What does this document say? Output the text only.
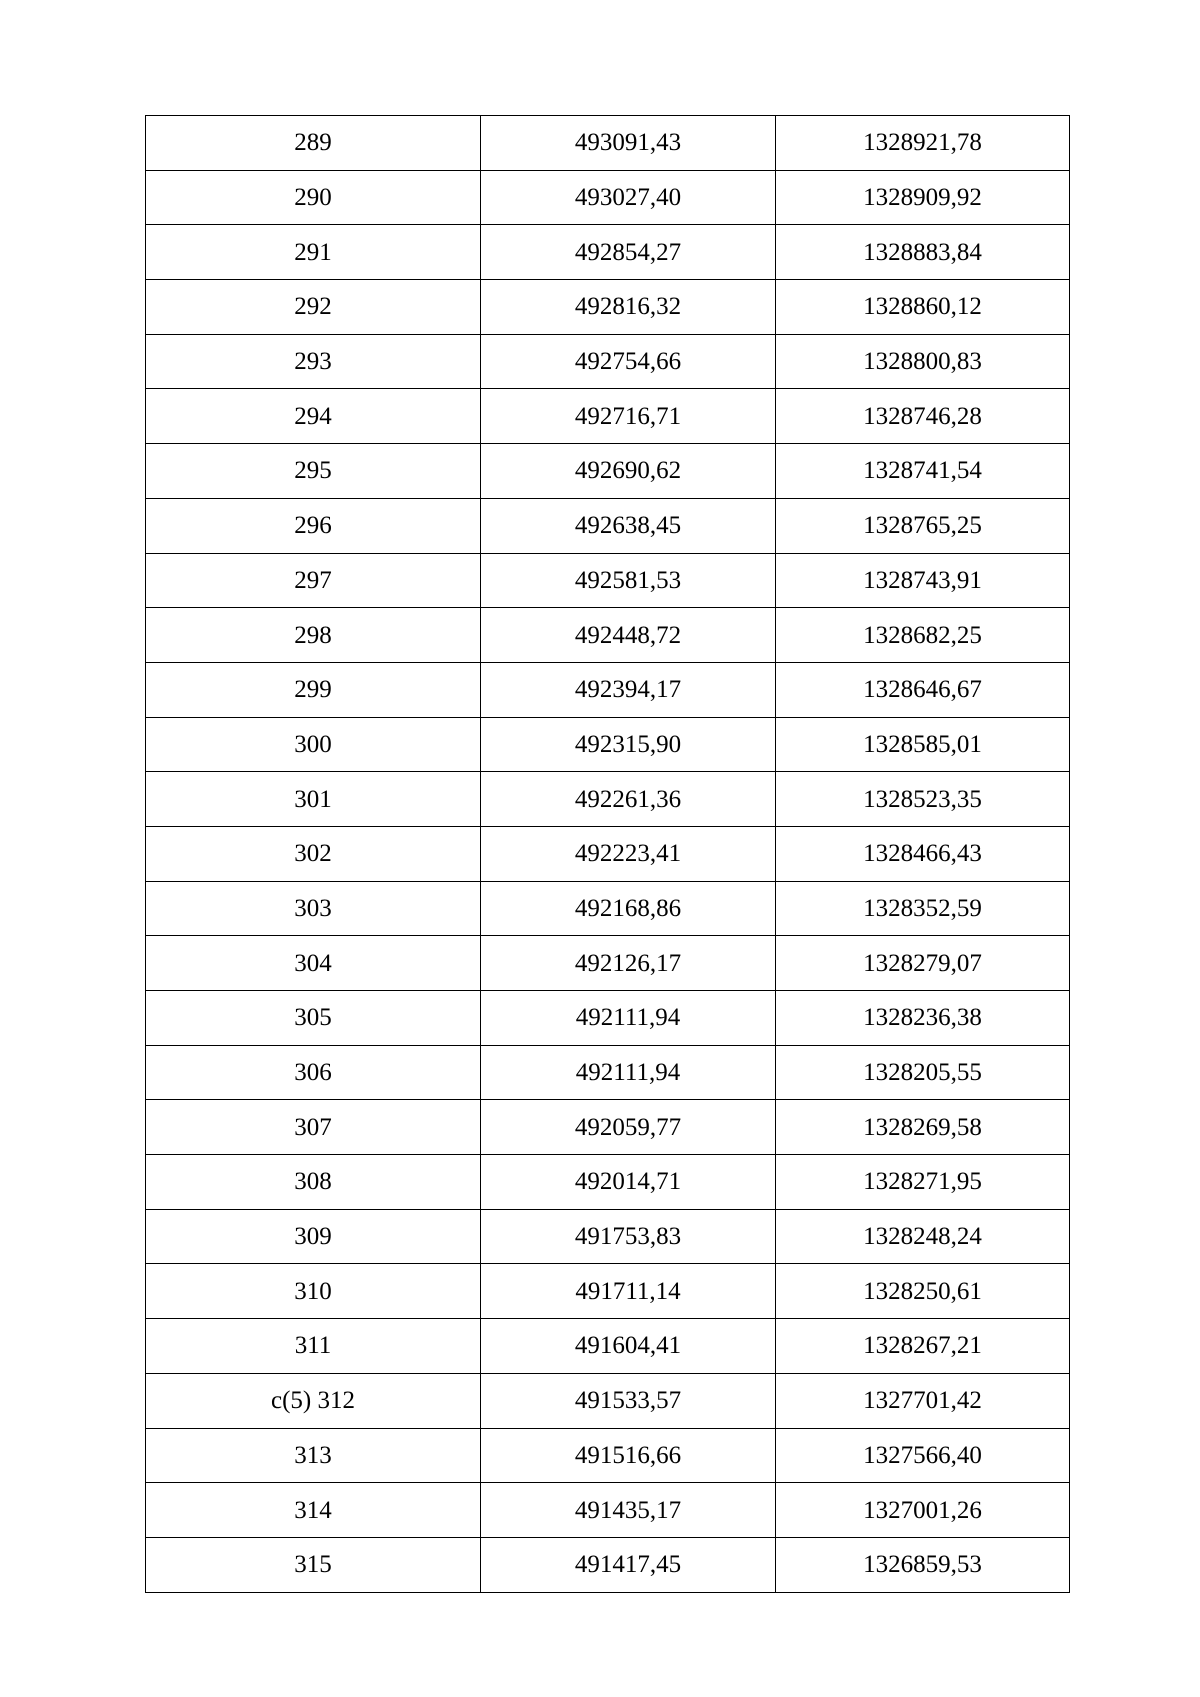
289	493091,43	1328921,78
290	493027,40	1328909,92
291	492854,27	1328883,84
292	492816,32	1328860,12
293	492754,66	1328800,83
294	492716,71	1328746,28
295	492690,62	1328741,54
296	492638,45	1328765,25
297	492581,53	1328743,91
298	492448,72	1328682,25
299	492394,17	1328646,67
300	492315,90	1328585,01
301	492261,36	1328523,35
302	492223,41	1328466,43
303	492168,86	1328352,59
304	492126,17	1328279,07
305	492111,94	1328236,38
306	492111,94	1328205,55
307	492059,77	1328269,58
308	492014,71	1328271,95
309	491753,83	1328248,24
310	491711,14	1328250,61
311	491604,41	1328267,21
c(5) 312	491533,57	1327701,42
313	491516,66	1327566,40
314	491435,17	1327001,26
315	491417,45	1326859,53
